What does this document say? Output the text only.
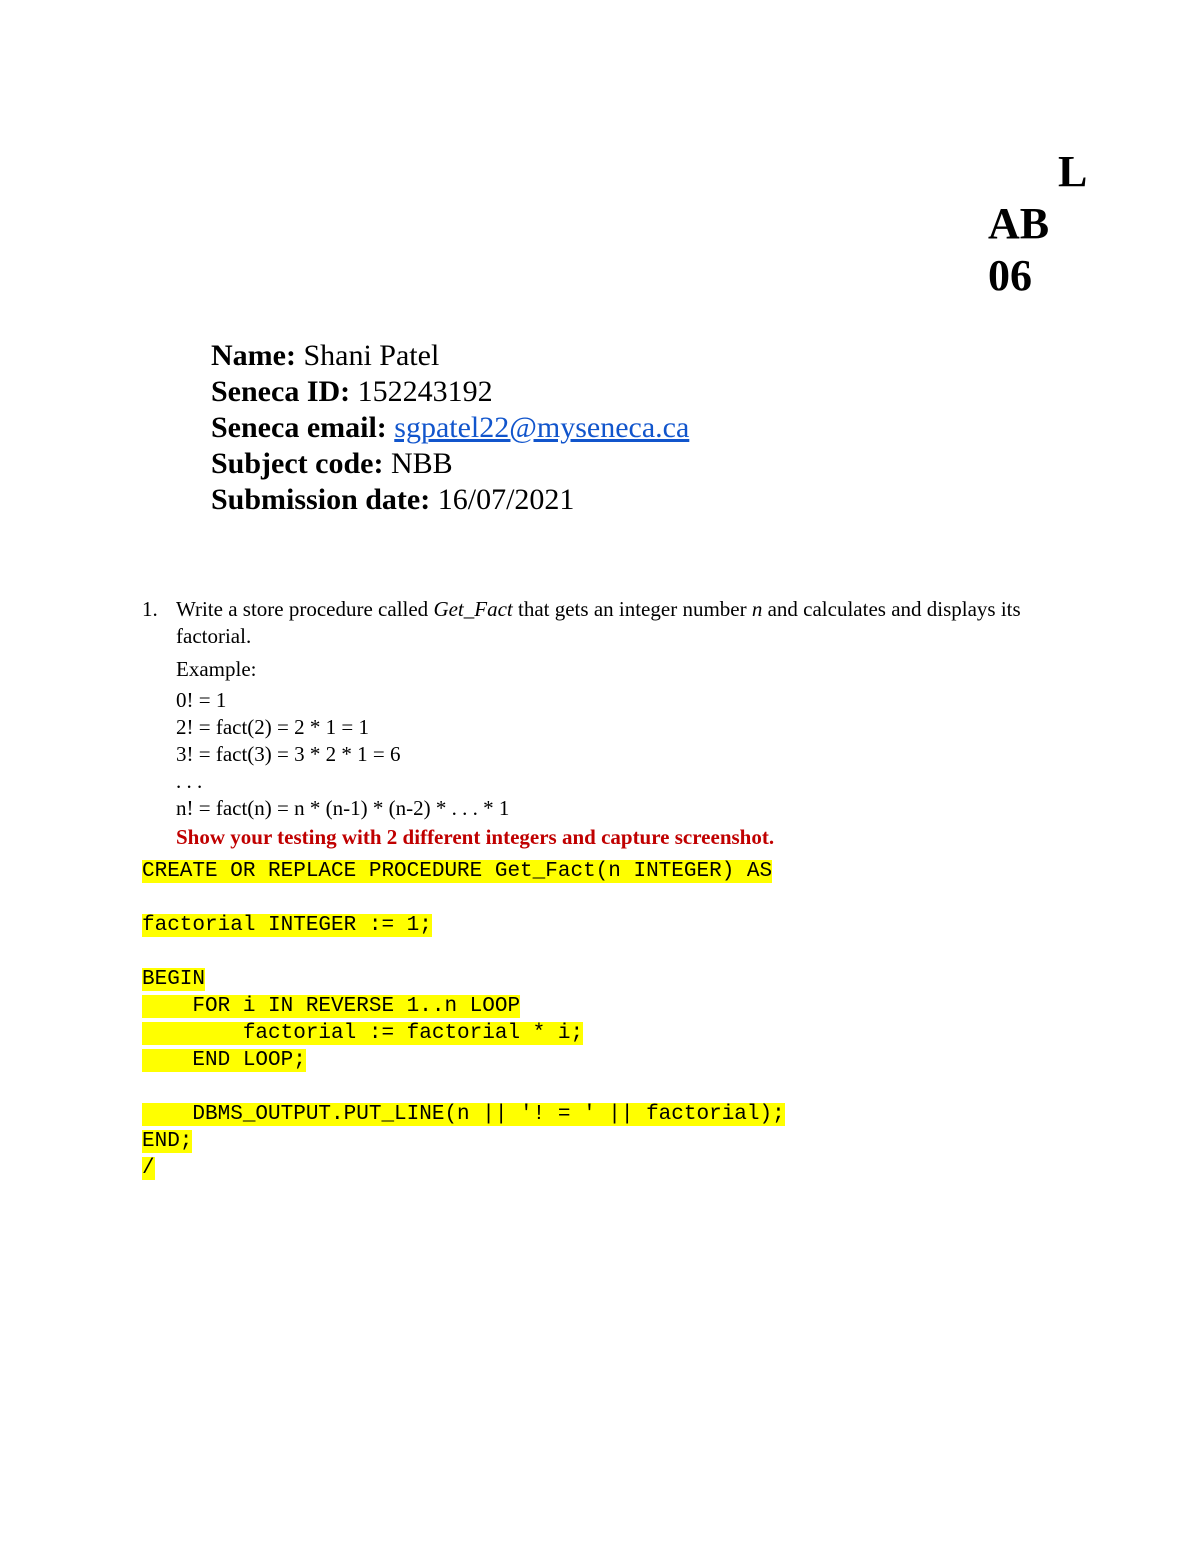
L
AB
06
Name: Shani Patel
Seneca ID: 152243192
Seneca email: sgpatel22@myseneca.ca
Subject code: NBB
Submission date: 16/07/2021
1. Write a store procedure called Get_Fact that gets an integer number n and calculates and displays its factorial.

Example:

0! = 1

2! = fact(2) = 2 * 1 = 1

3! = fact(3) = 3 * 2 * 1 = 6

. . .

n! = fact(n) = n * (n-1) * (n-2) * . . . * 1

Show your testing with 2 different integers and capture screenshot.

CREATE OR REPLACE PROCEDURE Get_Fact(n INTEGER) AS
factorial INTEGER := 1;
BEGIN
FOR i IN REVERSE 1..n LOOP
factorial := factorial * i;
END LOOP;
DBMS_OUTPUT.PUT_LINE(n || '! = ' || factorial);
END;
/
